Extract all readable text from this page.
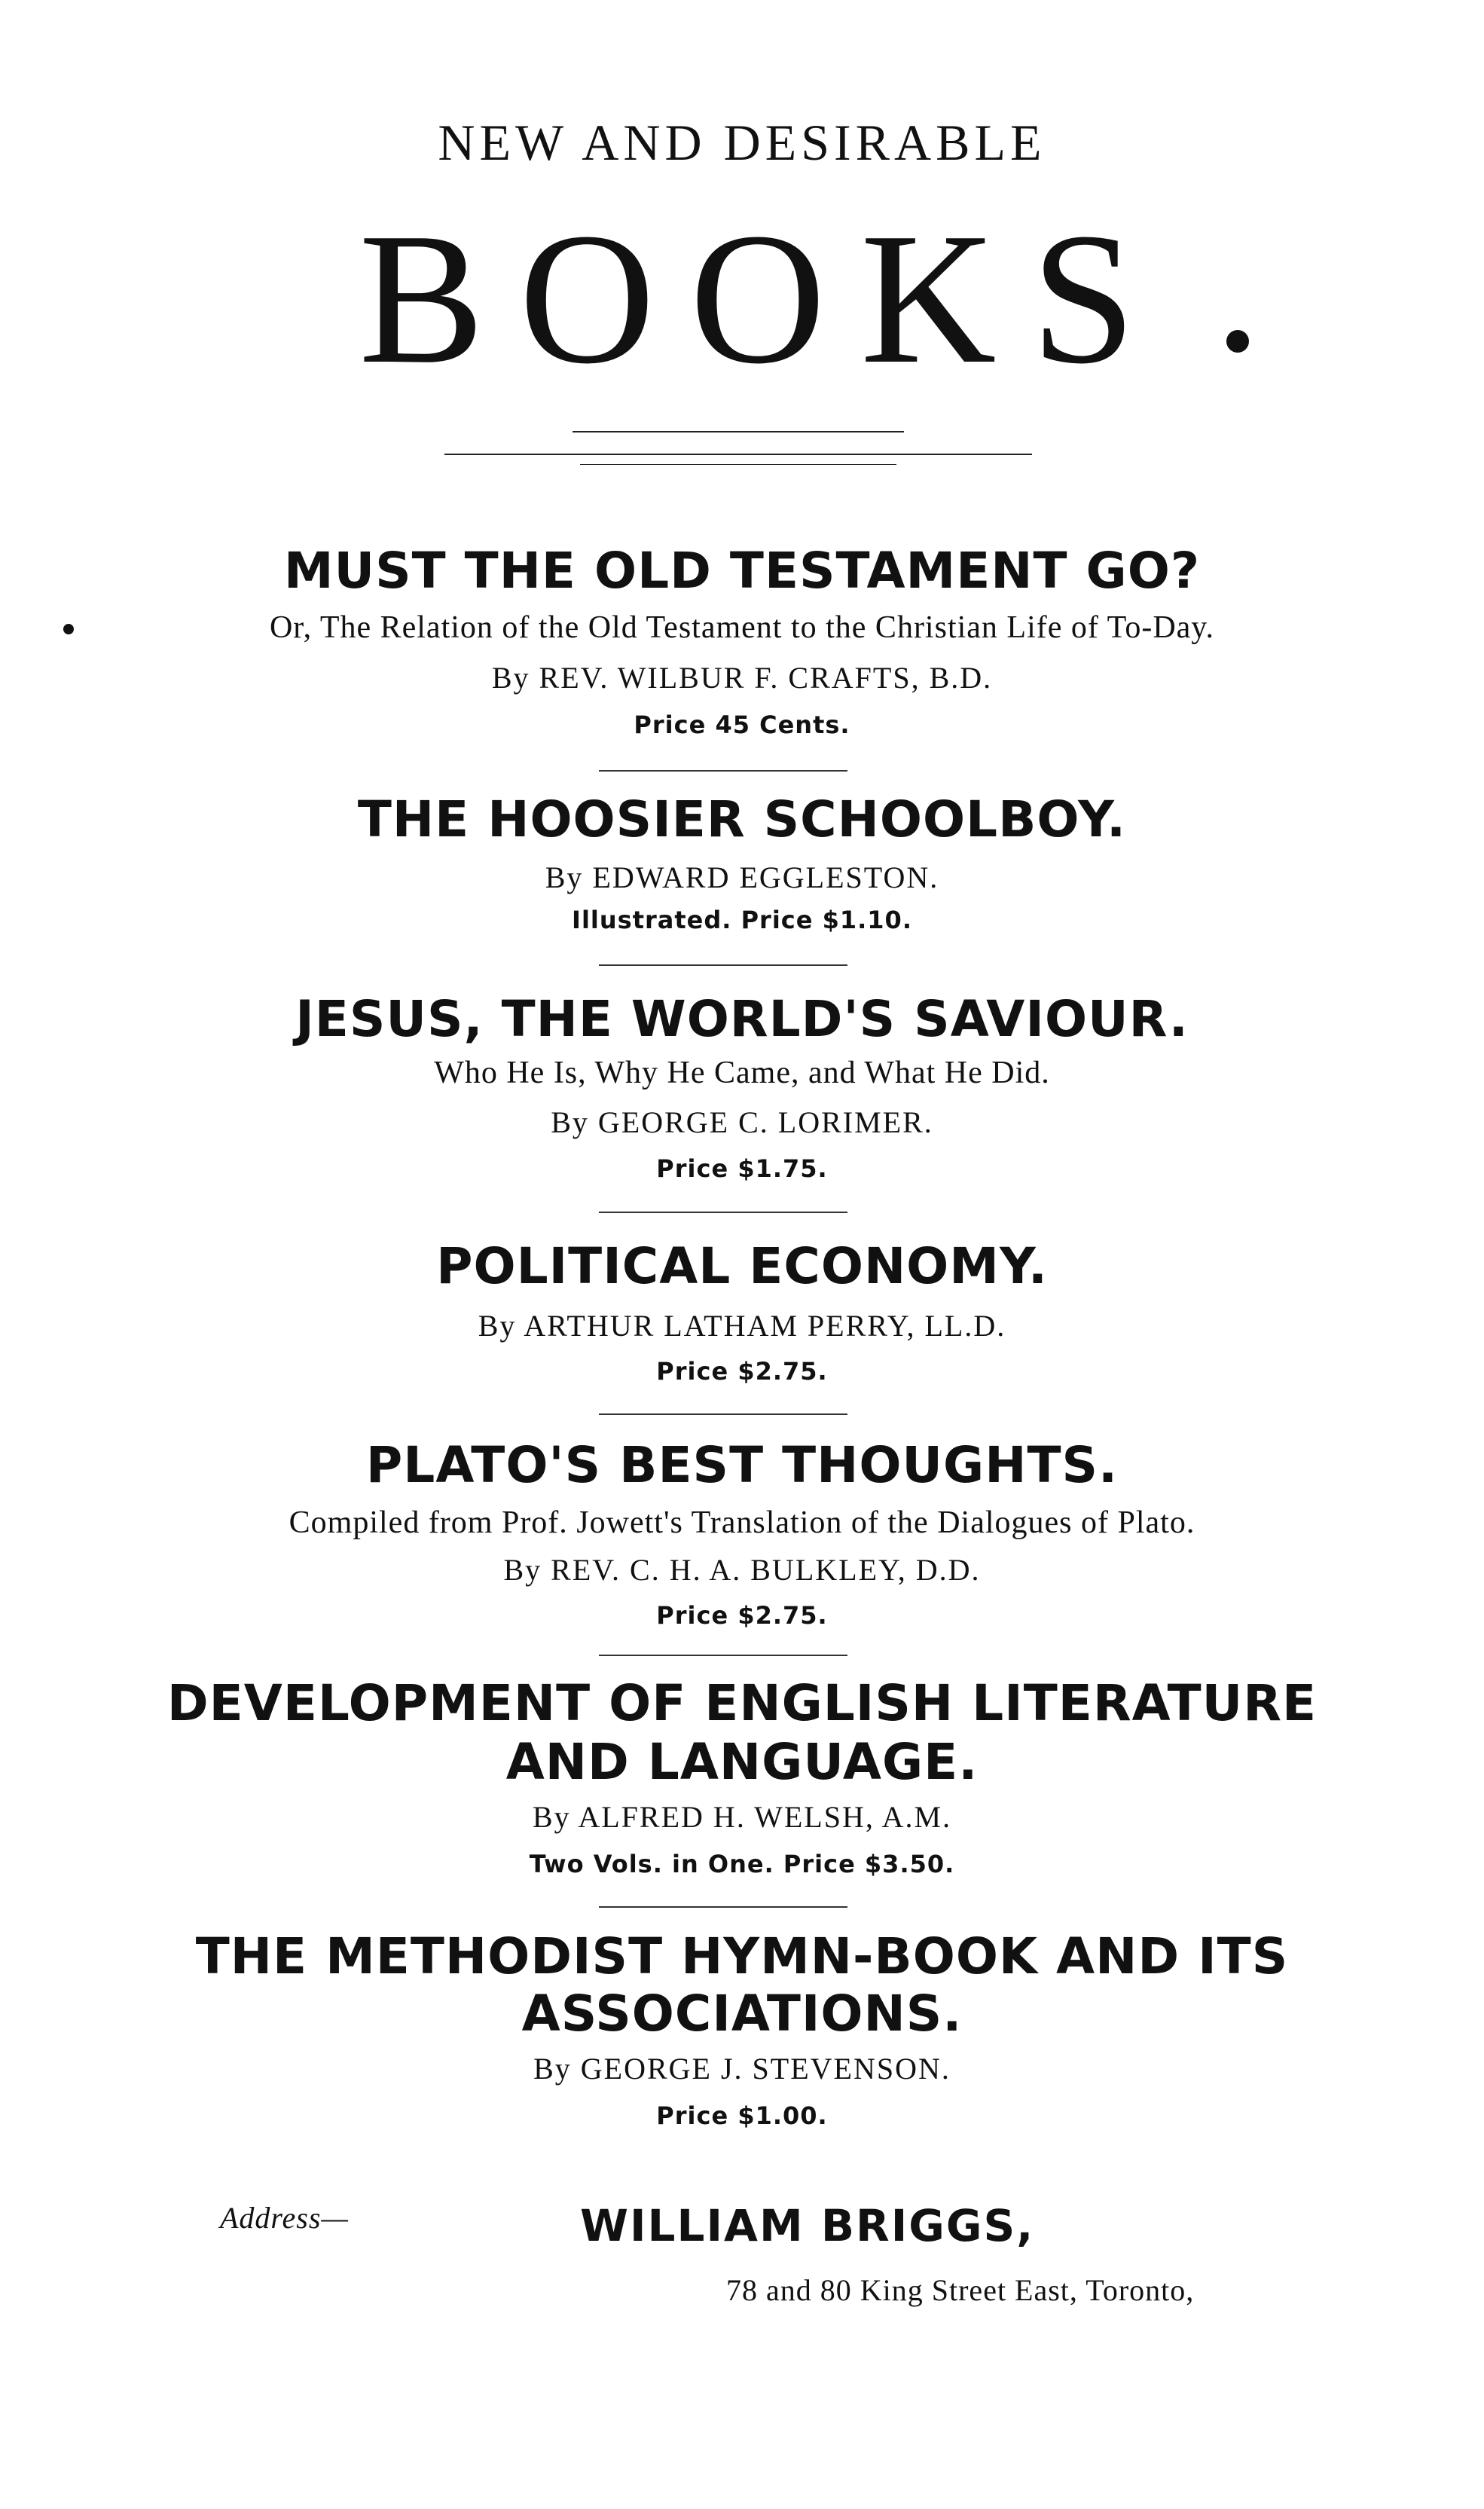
NEW AND DESIRABLE
BOOKS
MUST THE OLD TESTAMENT GO?
Or, The Relation of the Old Testament to the Christian Life of To-Day.
By REV. WILBUR F. CRAFTS, B.D.
Price 45 Cents.
THE HOOSIER SCHOOLBOY.
By EDWARD EGGLESTON.
Illustrated. Price $1.10.
JESUS, THE WORLD'S SAVIOUR.
Who He Is, Why He Came, and What He Did.
By GEORGE C. LORIMER.
Price $1.75.
POLITICAL ECONOMY.
By ARTHUR LATHAM PERRY, LL.D.
Price $2.75.
PLATO'S BEST THOUGHTS.
Compiled from Prof. Jowett's Translation of the Dialogues of Plato.
By REV. C. H. A. BULKLEY, D.D.
Price $2.75.
DEVELOPMENT OF ENGLISH LITERATURE
AND LANGUAGE.
By ALFRED H. WELSH, A.M.
Two Vols. in One. Price $3.50.
THE METHODIST HYMN-BOOK AND ITS
ASSOCIATIONS.
By GEORGE J. STEVENSON.
Price $1.00.
Address—	WILLIAM BRIGGS,
78 and 80 King Street East, Toronto,
